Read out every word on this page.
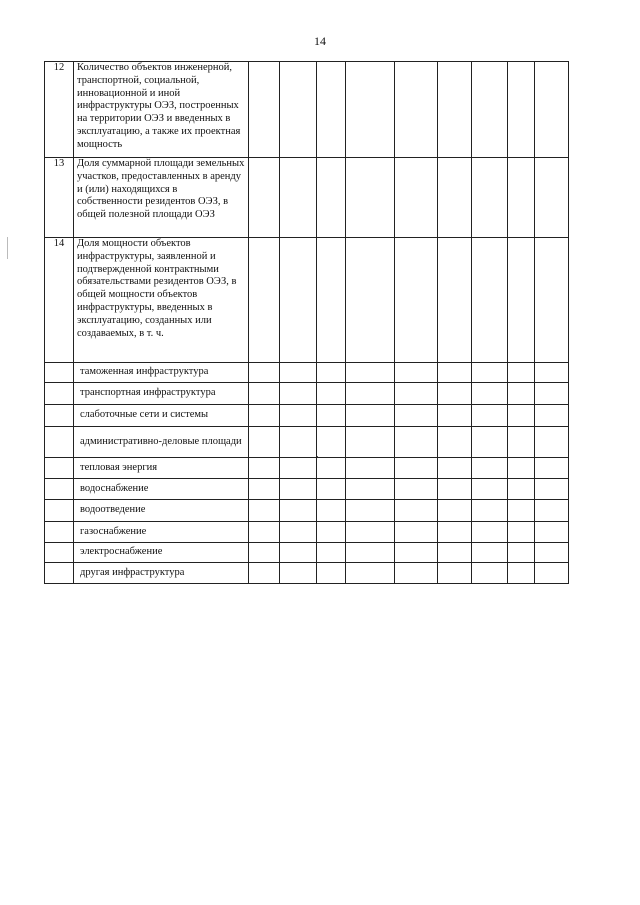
14
12	Количество объектов инженерной, транспортной, социальной, инновационной и иной инфраструктуры ОЭЗ, построенных на территории ОЭЗ и введенных в эксплуатацию, а также их проектная мощность									
13	Доля суммарной площади земельных участков, предоставленных в аренду и (или) находящихся в собственности резидентов ОЭЗ, в общей полезной площади ОЭЗ									
14	Доля мощности объектов инфраструктуры, заявленной и подтвержденной контрактными обязательствами резидентов ОЭЗ, в общей мощности объектов инфраструктуры, введенных в эксплуатацию, созданных или создаваемых, в т. ч.									
	таможенная инфраструктура									
	транспортная инфраструктура									
	слаботочные сети и системы									
	административно-деловые площади									
	тепловая энергия									
	водоснабжение									
	водоотведение									
	газоснабжение									
	электроснабжение									
	другая инфраструктура									
